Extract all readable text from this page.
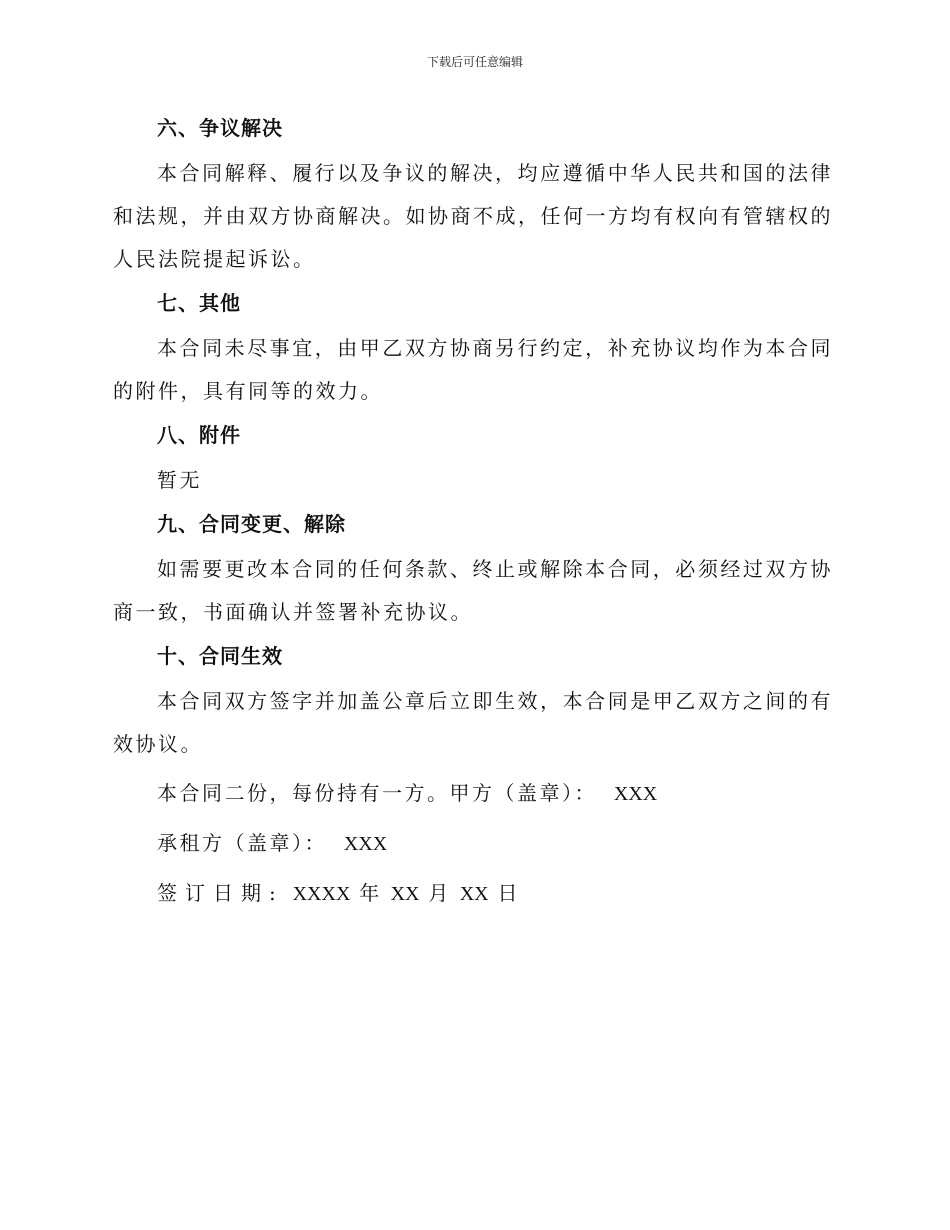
下载后可任意编辑
六、争议解决

本合同解释、履行以及争议的解决，均应遵循中华人民共和国的法律和法规，并由双方协商解决。如协商不成，任何一方均有权向有管辖权的人民法院提起诉讼。

七、其他

本合同未尽事宜，由甲乙双方协商另行约定，补充协议均作为本合同的附件，具有同等的效力。

八、附件

暂无

九、合同变更、解除

如需要更改本合同的任何条款、终止或解除本合同，必须经过双方协商一致，书面确认并签署补充协议。

十、合同生效

本合同双方签字并加盖公章后立即生效，本合同是甲乙双方之间的有效协议。

本合同二份，每份持有一方。甲方（盖章）： XXX

承租方（盖章）： XXX

签订日期: XXXX 年 XX 月 XX 日
